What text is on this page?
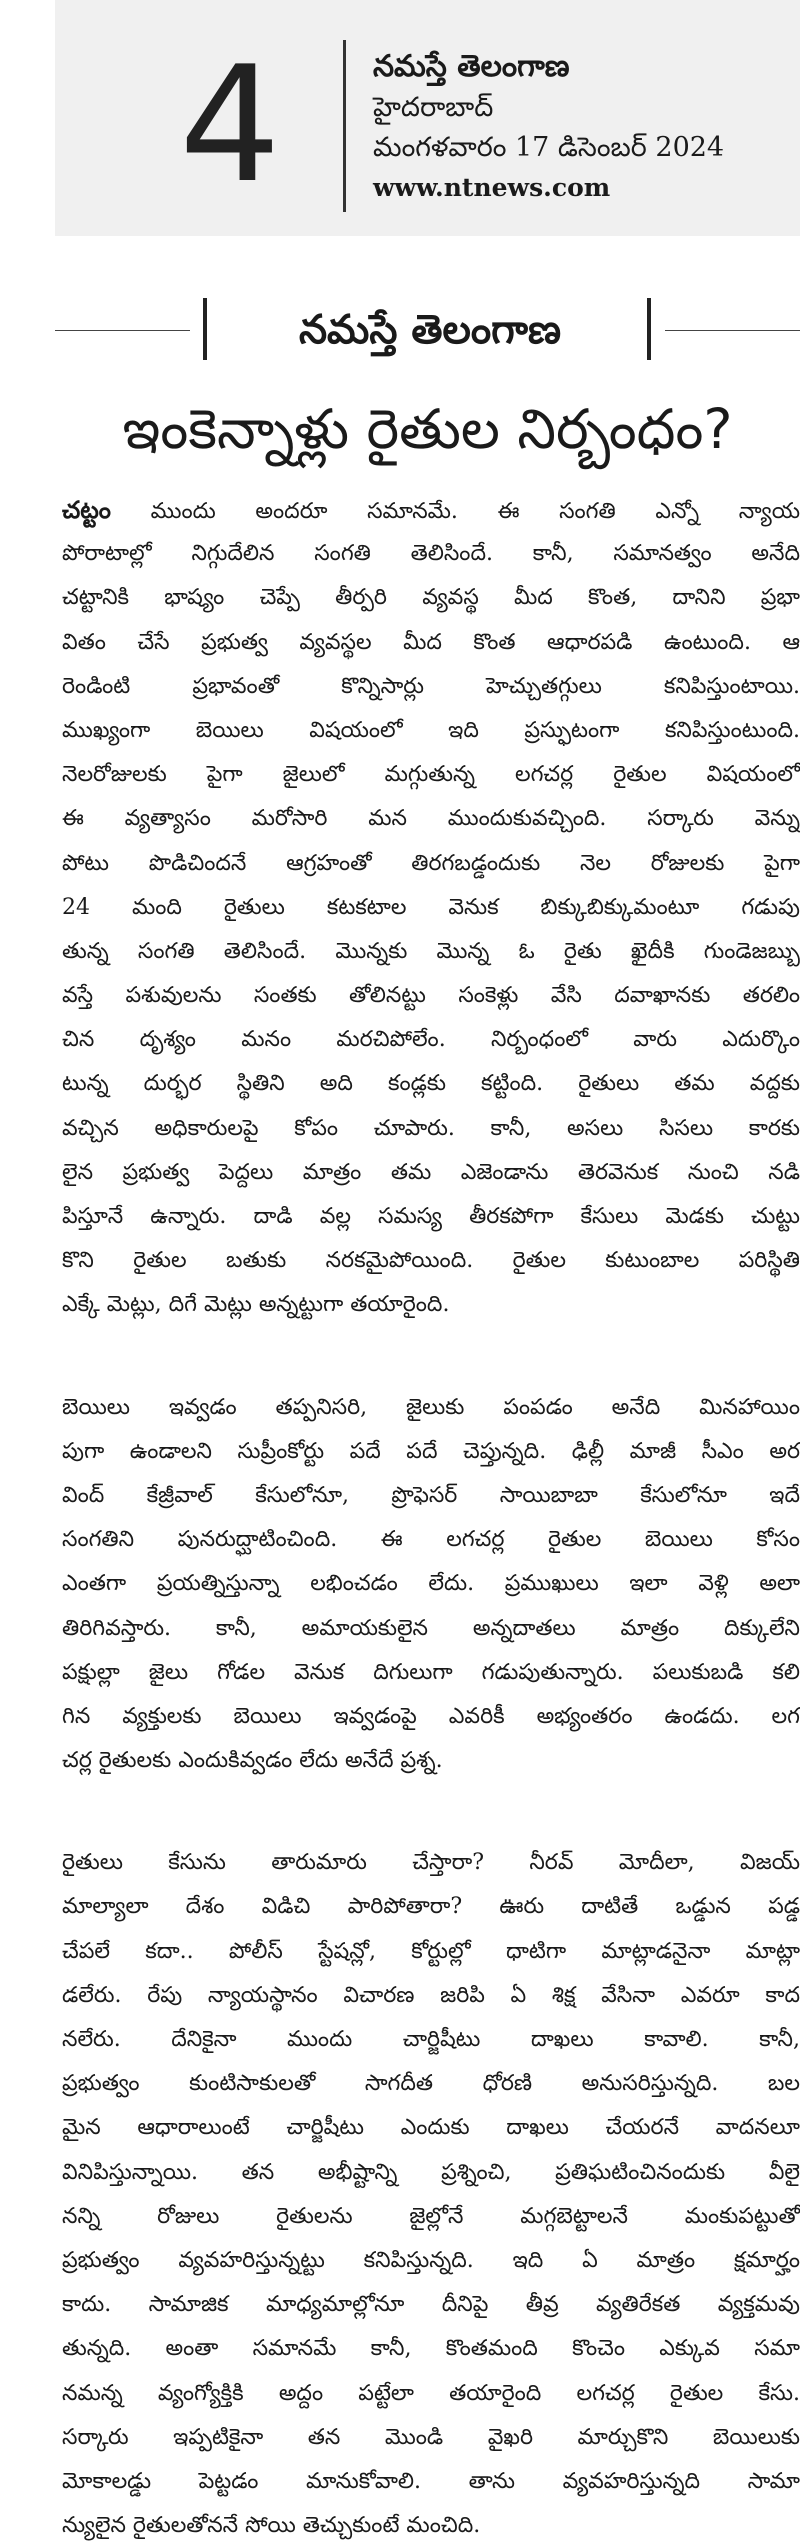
4	నమస్తే తెలంగాణ
హైదరాబాద్
మంగళవారం 17 డిసెంబర్ 2024
www.ntnews.com
నమస్తే తెలంగాణ
ఇంకెన్నాళ్లు రైతుల నిర్బంధం?
చట్టం ముందు అందరూ సమానమే. ఈ సంగతి ఎన్నో న్యాయ
పోరాటాల్లో నిగ్గుదేలిన సంగతి తెలిసిందే. కానీ, సమానత్వం అనేది
చట్టానికి భాష్యం చెప్పే తీర్పరి వ్యవస్థ మీద కొంత, దానిని ప్రభా
వితం చేసే ప్రభుత్వ వ్యవస్థల మీద కొంత ఆధారపడి ఉంటుంది. ఆ
రెండింటి ప్రభావంతో కొన్నిసార్లు హెచ్చుతగ్గులు కనిపిస్తుంటాయి.
ముఖ్యంగా బెయిలు విషయంలో ఇది ప్రస్ఫుటంగా కనిపిస్తుంటుంది.
నెలరోజులకు పైగా జైలులో మగ్గుతున్న లగచర్ల రైతుల విషయంలో
ఈ వ్యత్యాసం మరోసారి మన ముందుకువచ్చింది. సర్కారు వెన్ను
పోటు పొడిచిందనే ఆగ్రహంతో తిరగబడ్డందుకు నెల రోజులకు పైగా
24 మంది రైతులు కటకటాల వెనుక బిక్కుబిక్కుమంటూ గడుపు
తున్న సంగతి తెలిసిందే. మొన్నకు మొన్న ఓ రైతు ఖైదీకి గుండెజబ్బు
వస్తే పశువులను సంతకు తోలినట్టు సంకెళ్లు వేసి దవాఖానకు తరలిం
చిన దృశ్యం మనం మరచిపోలేం. నిర్బంధంలో వారు ఎదుర్కొం
టున్న దుర్భర స్థితిని అది కండ్లకు కట్టింది. రైతులు తమ వద్దకు
వచ్చిన అధికారులపై కోపం చూపారు. కానీ, అసలు సిసలు కారకు
లైన ప్రభుత్వ పెద్దలు మాత్రం తమ ఎజెండాను తెరవెనుక నుంచి నడి
పిస్తూనే ఉన్నారు. దాడి వల్ల సమస్య తీరకపోగా కేసులు మెడకు చుట్టు
కొని రైతుల బతుకు నరకమైపోయింది. రైతుల కుటుంబాల పరిస్థితి
ఎక్కే మెట్లు, దిగే మెట్లు అన్నట్టుగా తయారైంది.
బెయిలు ఇవ్వడం తప్పనిసరి, జైలుకు పంపడం అనేది మినహాయిం
పుగా ఉండాలని సుప్రీంకోర్టు పదే పదే చెప్తున్నది. ఢిల్లీ మాజీ సీఎం అర
వింద్ కేజ్రీవాల్ కేసులోనూ, ప్రొఫెసర్ సాయిబాబా కేసులోనూ ఇదే
సంగతిని పునరుద్ఘాటించింది. ఈ లగచర్ల రైతుల బెయిలు కోసం
ఎంతగా ప్రయత్నిస్తున్నా లభించడం లేదు. ప్రముఖులు ఇలా వెళ్లి అలా
తిరిగివస్తారు. కానీ, అమాయకులైన అన్నదాతలు మాత్రం దిక్కులేని
పక్షుల్లా జైలు గోడల వెనుక దిగులుగా గడుపుతున్నారు. పలుకుబడి కలి
గిన వ్యక్తులకు బెయిలు ఇవ్వడంపై ఎవరికీ అభ్యంతరం ఉండదు. లగ
చర్ల రైతులకు ఎందుకివ్వడం లేదు అనేదే ప్రశ్న.
రైతులు కేసును తారుమారు చేస్తారా? నీరవ్ మోదీలా, విజయ్
మాల్యాలా దేశం విడిచి పారిపోతారా? ఊరు దాటితే ఒడ్డున పడ్డ
చేపలే కదా.. పోలీస్ స్టేషన్లో, కోర్టుల్లో ధాటిగా మాట్లాడనైనా మాట్లా
డలేరు. రేపు న్యాయస్థానం విచారణ జరిపి ఏ శిక్ష వేసినా ఎవరూ కాద
నలేరు. దేనికైనా ముందు చార్జిషీటు దాఖలు కావాలి. కానీ,
ప్రభుత్వం కుంటిసాకులతో సాగదీత ధోరణి అనుసరిస్తున్నది. బల
మైన ఆధారాలుంటే చార్జిషీటు ఎందుకు దాఖలు చేయరనే వాదనలూ
వినిపిస్తున్నాయి. తన అభీష్టాన్ని ప్రశ్నించి, ప్రతిఘటించినందుకు వీలై
నన్ని రోజులు రైతులను జైల్లోనే మగ్గబెట్టాలనే మంకుపట్టుతో
ప్రభుత్వం వ్యవహరిస్తున్నట్టు కనిపిస్తున్నది. ఇది ఏ మాత్రం క్షమార్హం
కాదు. సామాజిక మాధ్యమాల్లోనూ దీనిపై తీవ్ర వ్యతిరేకత వ్యక్తమవు
తున్నది. అంతా సమానమే కానీ, కొంతమంది కొంచెం ఎక్కువ సమా
నమన్న వ్యంగ్యోక్తికి అద్దం పట్టేలా తయారైంది లగచర్ల రైతుల కేసు.
సర్కారు ఇప్పటికైనా తన మొండి వైఖరి మార్చుకొని బెయిలుకు
మోకాలడ్డు పెట్టడం మానుకోవాలి. తాను వ్యవహరిస్తున్నది సామా
న్యులైన రైతులతోననే సోయి తెచ్చుకుంటే మంచిది.
